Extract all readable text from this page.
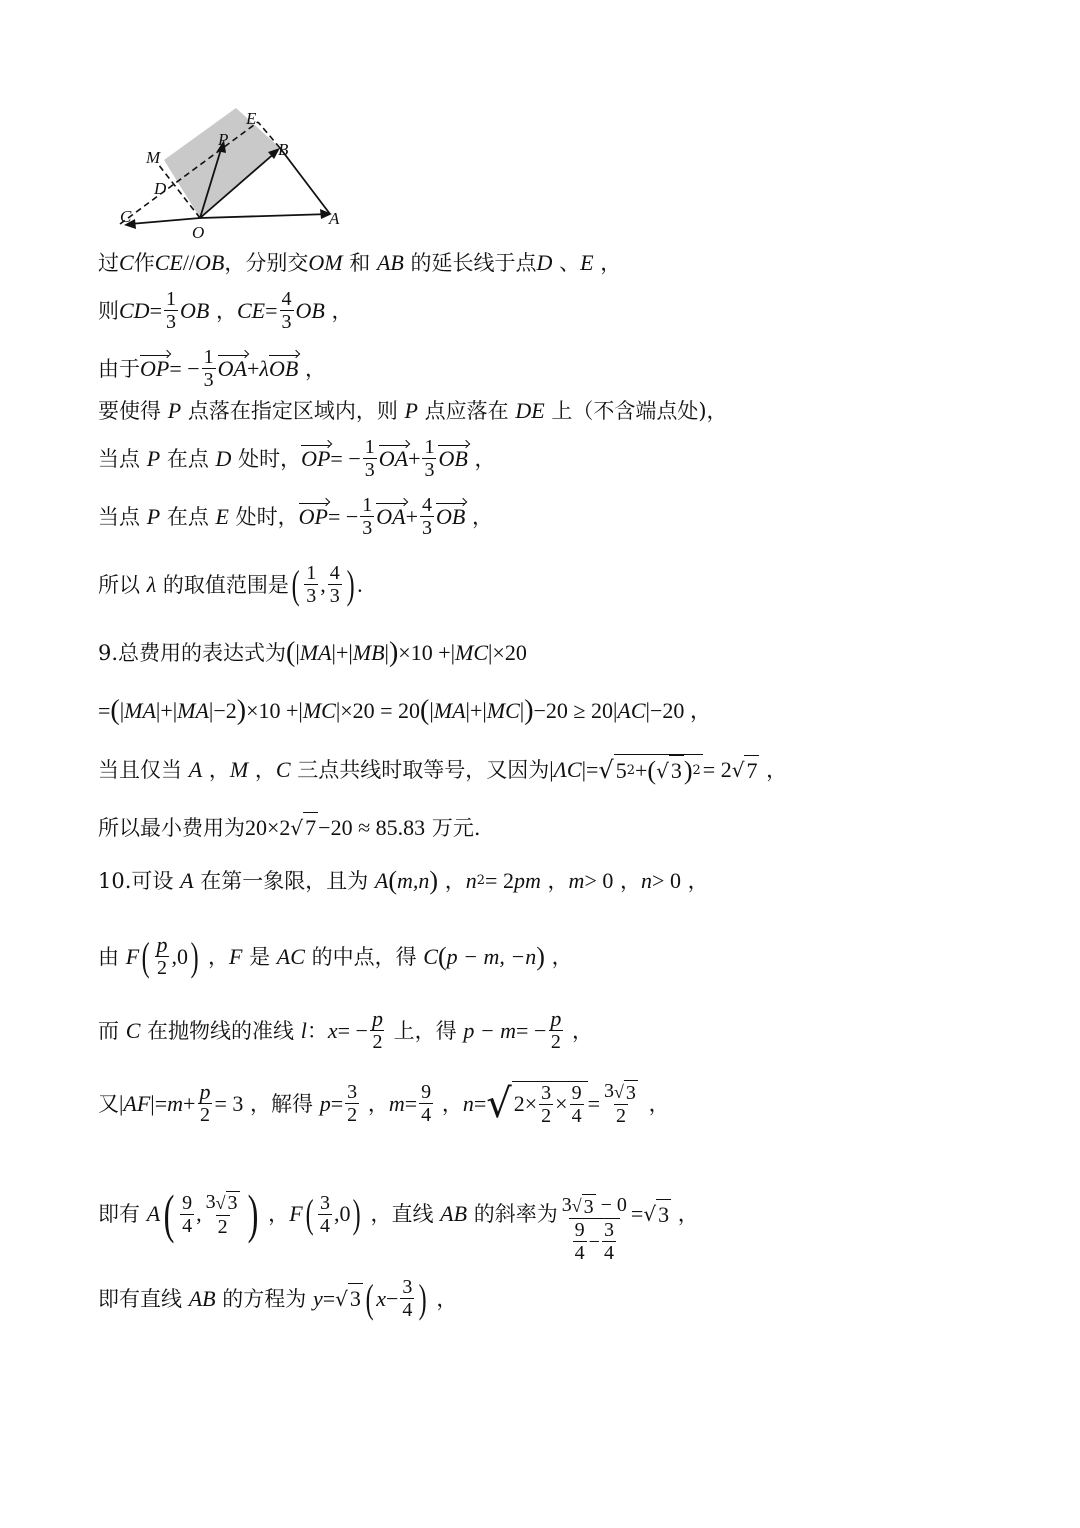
M
P
E
B
D
C
O
A
过 C 作 CE // OB ，分别交 OM 和 AB 的延长线于点 D 、 E ，
则 CD = $\frac{1}{3}$ OB ， CE = $\frac{4}{3}$ OB ，
由于 OP = − $\frac{1}{3}$ OA + λ OB ，
要使得 P 点落在指定区域内，则 P 点应落在 DE 上（不含端点处)，
当点 P 在点 D 处时， OP = − $\frac{1}{3}$ OA + $\frac{1}{3}$ OB ，
当点 P 在点 E 处时， OP = − $\frac{1}{3}$ OA + $\frac{4}{3}$ OB ，
所以 λ 的取值范围是 ( $\frac{1}{3}$ , $\frac{4}{3}$ ) .
9.总费用的表达式为 ( | MA | + | MB | ) ×10 + | MC | ×20
= ( | MA | + | MA | −2 ) ×10 + | MC | ×20 = 20 ( | MA | + | MC | ) −20 ≥ 20 | AC | −20 ，
当且仅当 A ， M ， C 三点共线时取等号，又因为 | ΛC | = √ 5 2 + ( √ 3 ) 2 = 2 √ 7 ，
所以最小费用为 20×2 √ 7 −20 ≈ 85.83 万元.
10.可设 A 在第一象限，且为 A ( m,n ) ， n 2 = 2 pm ， m > 0 ， n > 0 ，
由 F ( $\frac{p}{2} ,0$ ) ， F 是 AC 的中点，得 C ( p − m, −n ) ，
而 C 在抛物线的准线 l ： x = − $\frac{p}{2}$ 上，得 p − m = − $\frac{p}{2}$ ，
又 | AF | = $m + \frac{p}{2} = 3$ ，解得 $p = \frac{3}{2}$ ， $m = \frac{9}{4}$ ， n = √ $2\times \frac{3}{2} \times \frac{9}{4} = \frac{3 √ 3}{2}$ ，
即有 A ( $\frac{9}{4}$ , $\frac{3 √ 3}{2}$ ) ， F ( $\frac{3}{4} ,0$ ) ，直线 AB 的斜率为 $\frac{3 √ 3 - 0}{\frac{9}{4} - \frac{3}{4}}$ = √ 3 ，
即有直线 AB 的方程为 y = √ 3 ( $x - \frac{3}{4}$ ) ，
